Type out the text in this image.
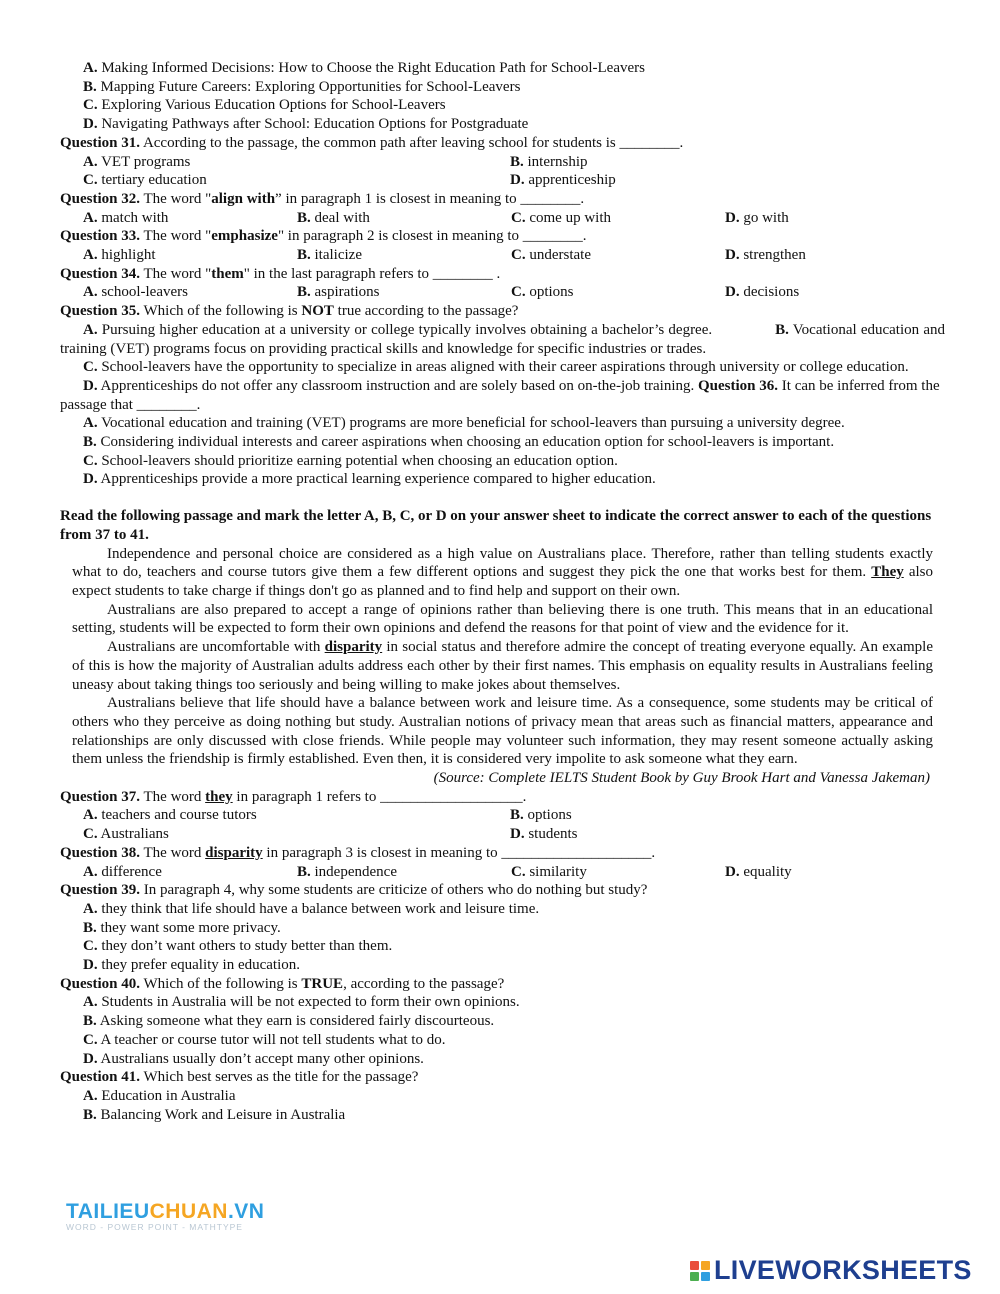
A. Making Informed Decisions: How to Choose the Right Education Path for School-Leavers
B. Mapping Future Careers: Exploring Opportunities for School-Leavers
C. Exploring Various Education Options for School-Leavers
D. Navigating Pathways after School: Education Options for Postgraduate
Question 31. According to the passage, the common path after leaving school for students is ________.
A. VET programs	B. internship
C. tertiary education	D. apprenticeship
Question 32. The word "align with” in paragraph 1 is closest in meaning to ________.
A. match with	B. deal with	C. come up with	D. go with
Question 33. The word "emphasize" in paragraph 2 is closest in meaning to ________.
A. highlight	B. italicize	C. understate	D. strengthen
Question 34. The word "them" in the last paragraph refers to ________ .
A. school-leavers	B. aspirations	C. options	D. decisions
Question 35. Which of the following is NOT true according to the passage?
A. Pursuing higher education at a university or college typically involves obtaining a bachelor’s degree.	B. Vocational education and training (VET) programs focus on providing practical skills and knowledge for specific industries or trades.
C. School-leavers have the opportunity to specialize in areas aligned with their career aspirations through university or college education.
D. Apprenticeships do not offer any classroom instruction and are solely based on on-the-job training. Question 36. It can be inferred from the passage that ________.
A. Vocational education and training (VET) programs are more beneficial for school-leavers than pursuing a university degree.
B. Considering individual interests and career aspirations when choosing an education option for school-leavers is important.
C. School-leavers should prioritize earning potential when choosing an education option.
D. Apprenticeships provide a more practical learning experience compared to higher education.
Read the following passage and mark the letter A, B, C, or D on your answer sheet to indicate the correct answer to each of the questions from 37 to 41.

Independence and personal choice are considered as a high value on Australians place. Therefore, rather than telling students exactly what to do, teachers and course tutors give them a few different options and suggest they pick the one that works best for them. They also expect students to take charge if things don't go as planned and to find help and support on their own.

Australians are also prepared to accept a range of opinions rather than believing there is one truth. This means that in an educational setting, students will be expected to form their own opinions and defend the reasons for that point of view and the evidence for it.

Australians are uncomfortable with disparity in social status and therefore admire the concept of treating everyone equally. An example of this is how the majority of Australian adults address each other by their first names. This emphasis on equality results in Australians feeling uneasy about taking things too seriously and being willing to make jokes about themselves.

Australians believe that life should have a balance between work and leisure time. As a consequence, some students may be critical of others who they perceive as doing nothing but study. Australian notions of privacy mean that areas such as financial matters, appearance and relationships are only discussed with close friends. While people may volunteer such information, they may resent someone actually asking them unless the friendship is firmly established. Even then, it is considered very impolite to ask someone what they earn.

(Source: Complete IELTS Student Book by Guy Brook Hart and Vanessa Jakeman)
Question 37. The word they in paragraph 1 refers to ___________________.
A. teachers and course tutors	B. options
C. Australians	D. students
Question 38. The word disparity in paragraph 3 is closest in meaning to ____________________.
A. difference	B. independence	C. similarity	D. equality
Question 39. In paragraph 4, why some students are criticize of others who do nothing but study?
A. they think that life should have a balance between work and leisure time.
B. they want some more privacy.
C. they don’t want others to study better than them.
D. they prefer equality in education.
Question 40. Which of the following is TRUE, according to the passage?
A. Students in Australia will be not expected to form their own opinions.
B. Asking someone what they earn is considered fairly discourteous.
C. A teacher or course tutor will not tell students what to do.
D. Australians usually don’t accept many other opinions.
Question 41. Which best serves as the title for the passage?
A. Education in Australia
B. Balancing Work and Leisure in Australia
TAILIEUCHUAN.VN
WORD - POWER POINT - MATHTYPE
LIVEWORKSHEETS
